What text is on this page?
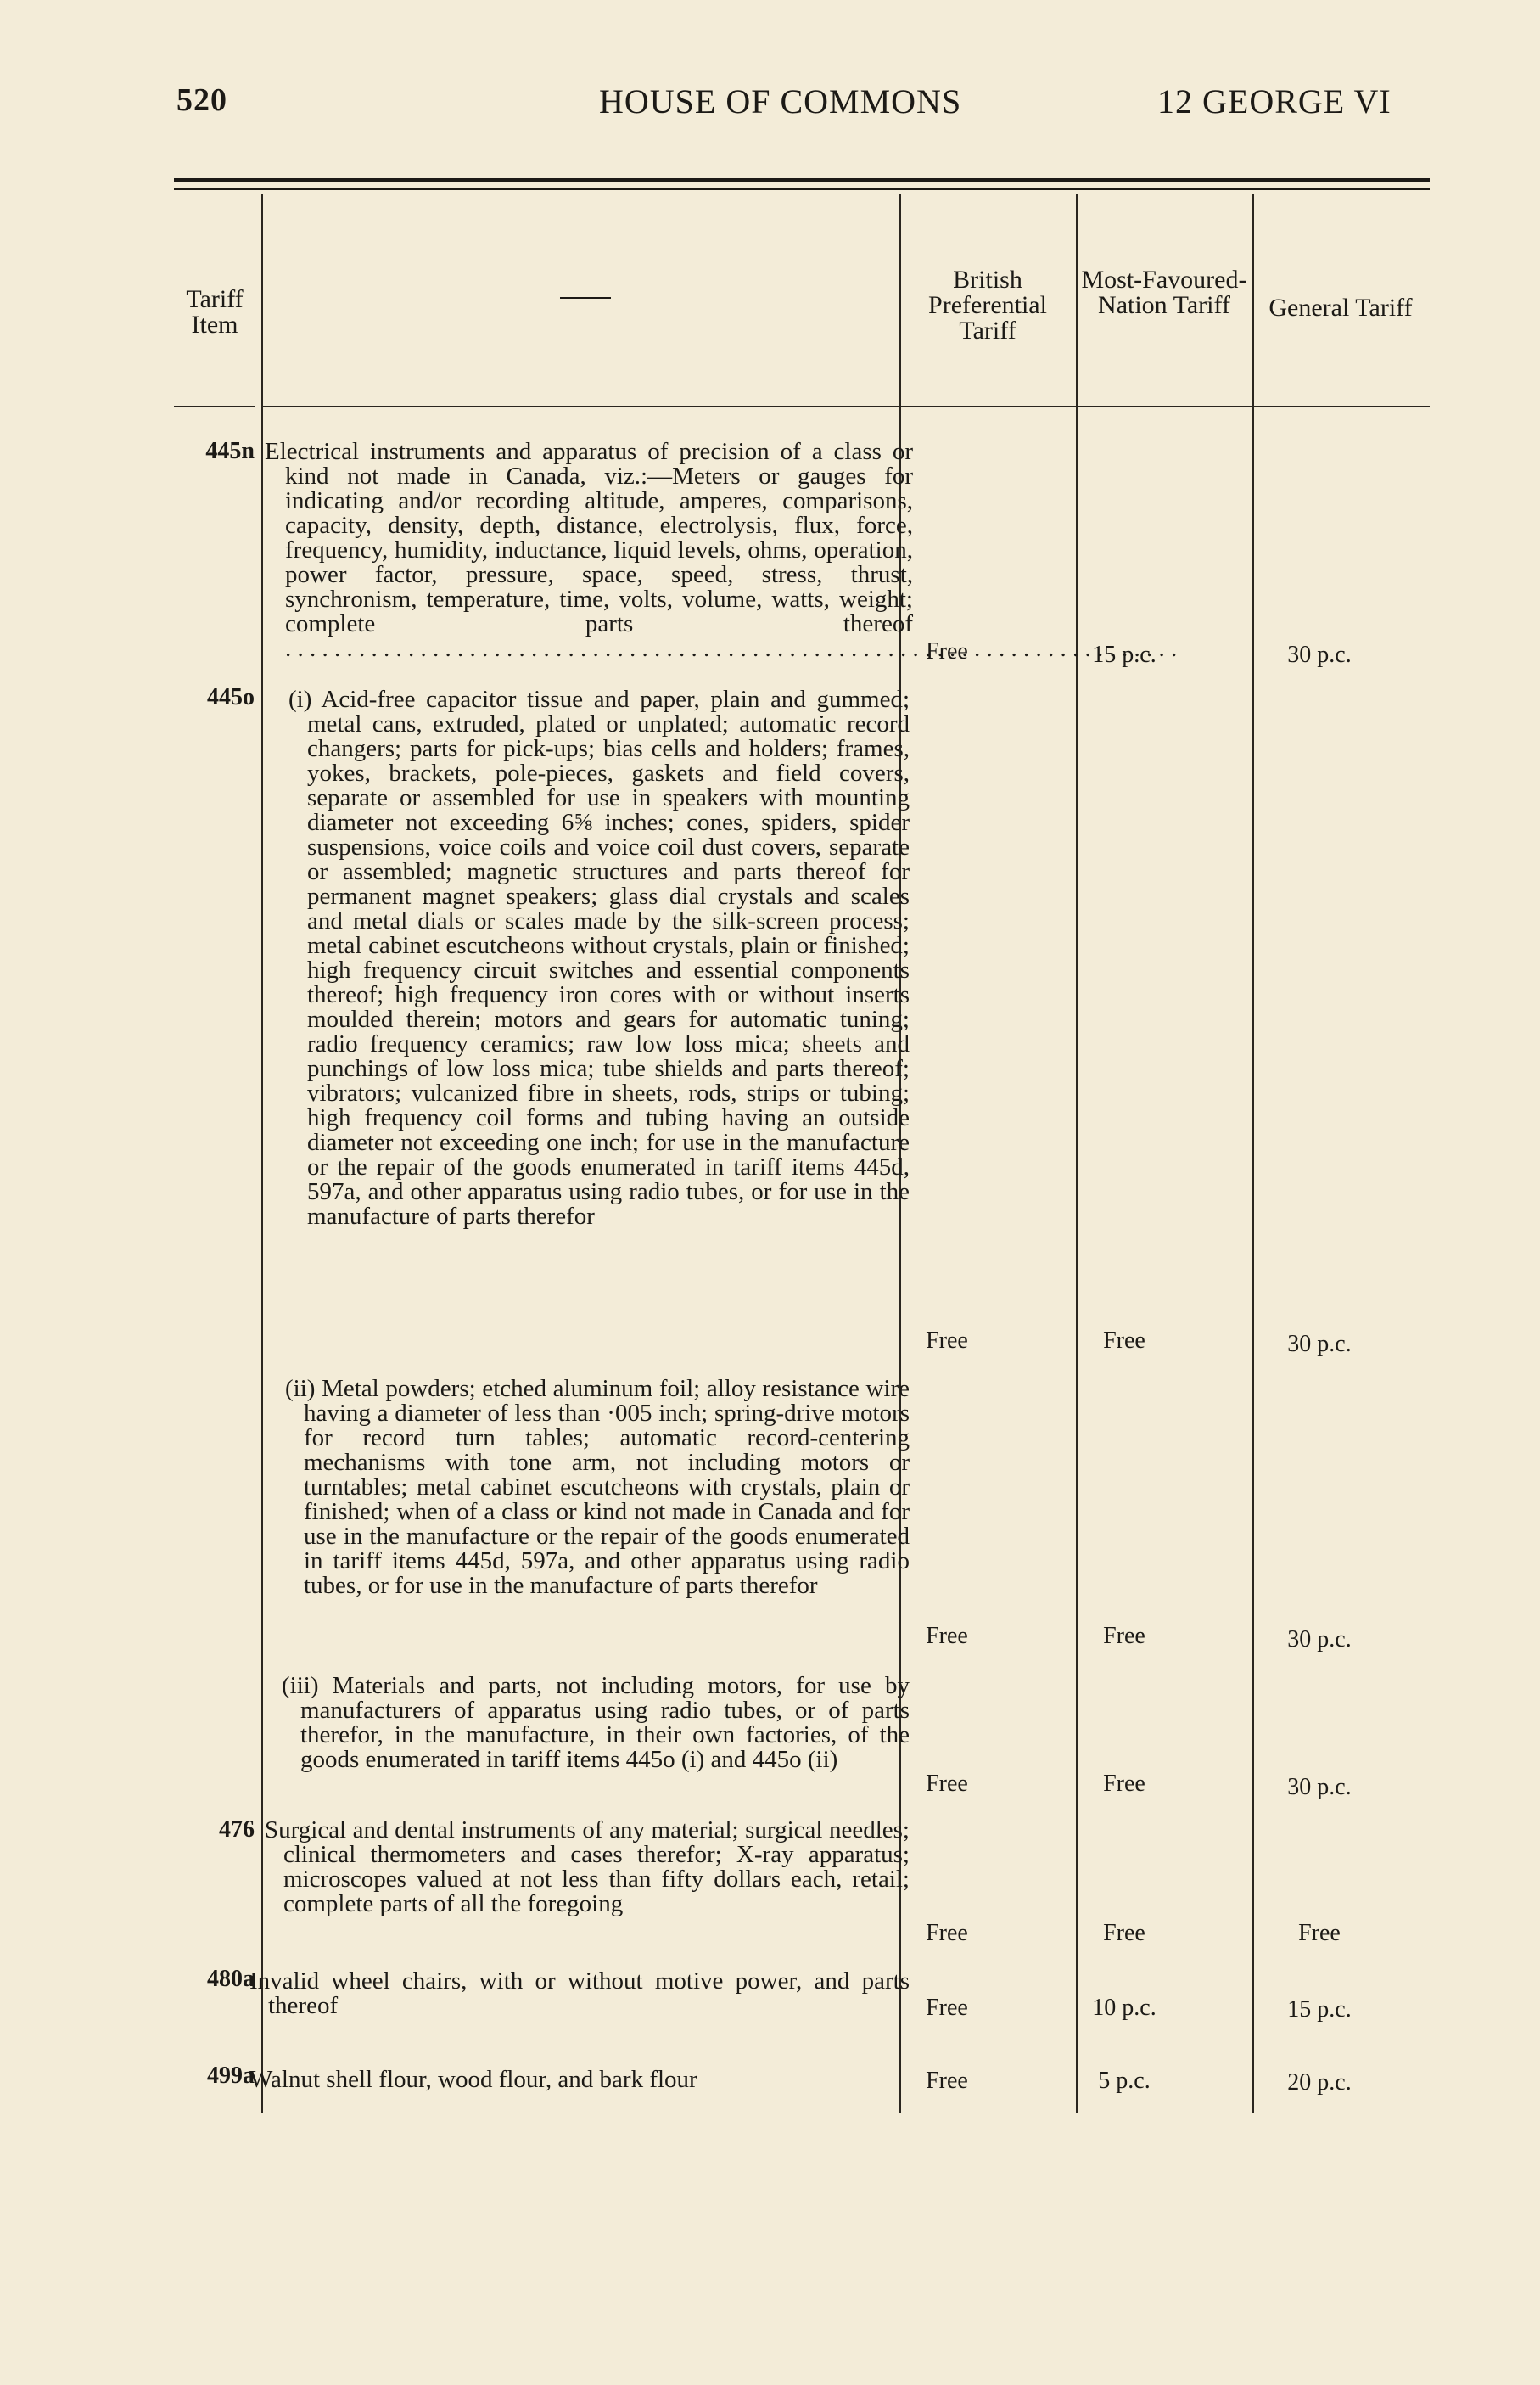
520	HOUSE OF COMMONS	12 GEORGE VI
Tariff Item
British Preferential Tariff
Most-Favoured-Nation Tariff	General Tariff
445n Electrical instruments and apparatus of precision of a class or kind not made in Canada, viz.:—Meters or gauges for indicating and/or recording altitude, amperes, comparisons, capacity, density, depth, distance, electrolysis, flux, force, frequency, humidity, inductance, liquid levels, ohms, operation, power factor, pressure, space, speed, stress, thrust, synchronism, temperature, time, volts, volume, watts, weight; complete parts thereof . . .
Free	15 p.c.	30 p.c.
445o (i) Acid-free capacitor tissue and paper, plain and gummed; metal cans, extruded, plated or unplated; automatic record changers; parts for pick-ups; bias cells and holders; frames, yokes, brackets, pole-pieces, gaskets and field covers, separate or assembled for use in speakers with mounting diameter not exceeding 6⅝ inches; cones, spiders, spider suspensions, voice coils and voice coil dust covers, separate or assembled; magnetic structures and parts thereof for permanent magnet speakers; glass dial crystals and scales and metal dials or scales made by the silk-screen process; metal cabinet escutcheons without crystals, plain or finished; high frequency circuit switches and essential components thereof; high frequency iron cores with or without inserts moulded therein; motors and gears for automatic tuning; radio frequency ceramics; raw low loss mica; sheets and punchings of low loss mica; tube shields and parts thereof; vibrators; vulcanized fibre in sheets, rods, strips or tubing; high frequency coil forms and tubing having an outside diameter not exceeding one inch; for use in the manufacture or the repair of the goods enumerated in tariff items 445d, 597a, and other apparatus using radio tubes, or for use in the manufacture of parts therefor
Free	Free	30 p.c.
(ii) Metal powders; etched aluminum foil; alloy resistance wire having a diameter of less than ·005 inch; spring-drive motors for record turn tables; automatic record-centering mechanisms with tone arm, not including motors or turntables; metal cabinet escutcheons with crystals, plain or finished; when of a class or kind not made in Canada and for use in the manufacture or the repair of the goods enumerated in tariff items 445d, 597a, and other apparatus using radio tubes, or for use in the manufacture of parts therefor
Free	Free	30 p.c.
(iii) Materials and parts, not including motors, for use by manufacturers of apparatus using radio tubes, or of parts therefor, in the manufacture, in their own factories, of the goods enumerated in tariff items 445o (i) and 445o (ii)
Free	Free	30 p.c.
476 Surgical and dental instruments of any material; surgical needles; clinical thermometers and cases therefor; X-ray apparatus; microscopes valued at not less than fifty dollars each, retail; complete parts of all the foregoing
Free	Free	Free
480a
Invalid wheel chairs, with or without motive power, and parts thereof	Free	10 p.c.	15 p.c.
499a
Walnut shell flour, wood flour, and bark flour	Free	5 p.c.	20 p.c.
